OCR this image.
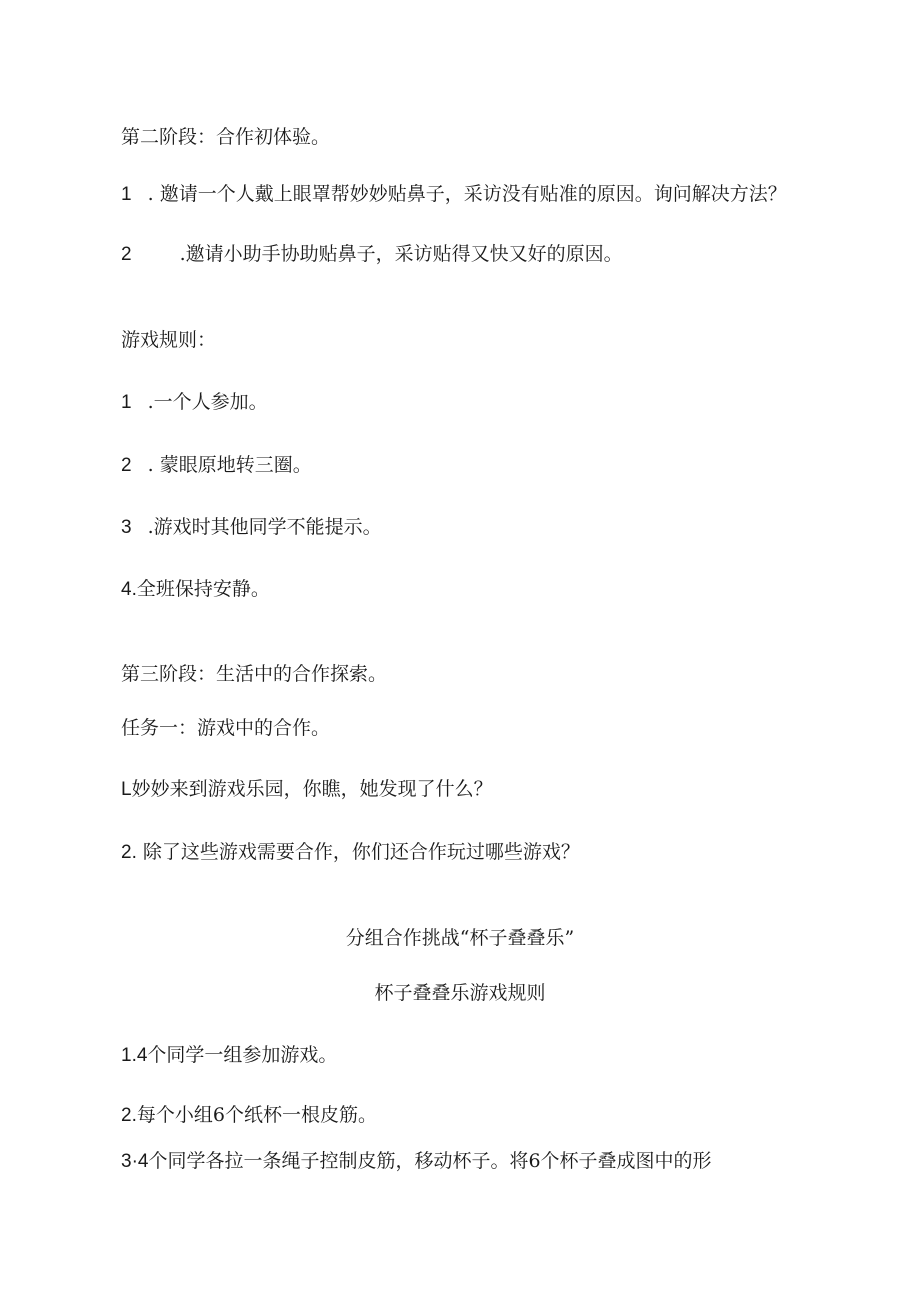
第二阶段：合作初体验。
1 . 邀请一个人戴上眼罩帮妙妙贴鼻子，采访没有贴准的原因。询问解决方法？
2	.邀请小助手协助贴鼻子，采访贴得又快又好的原因。
游戏规则：
1 .一个人参加。
2 . 蒙眼原地转三圈。
3 .游戏时其他同学不能提示。
4.全班保持安静。
第三阶段：生活中的合作探索。
任务一：游戏中的合作。
L妙妙来到游戏乐园，你瞧，她发现了什么？
2. 除了这些游戏需要合作，你们还合作玩过哪些游戏？
分组合作挑战“杯子叠叠乐”
杯子叠叠乐游戏规则
1.4个同学一组参加游戏。
2.每个小组6个纸杯一根皮筋。
3·4个同学各拉一条绳子控制皮筋，移动杯子。将6个杯子叠成图中的形
